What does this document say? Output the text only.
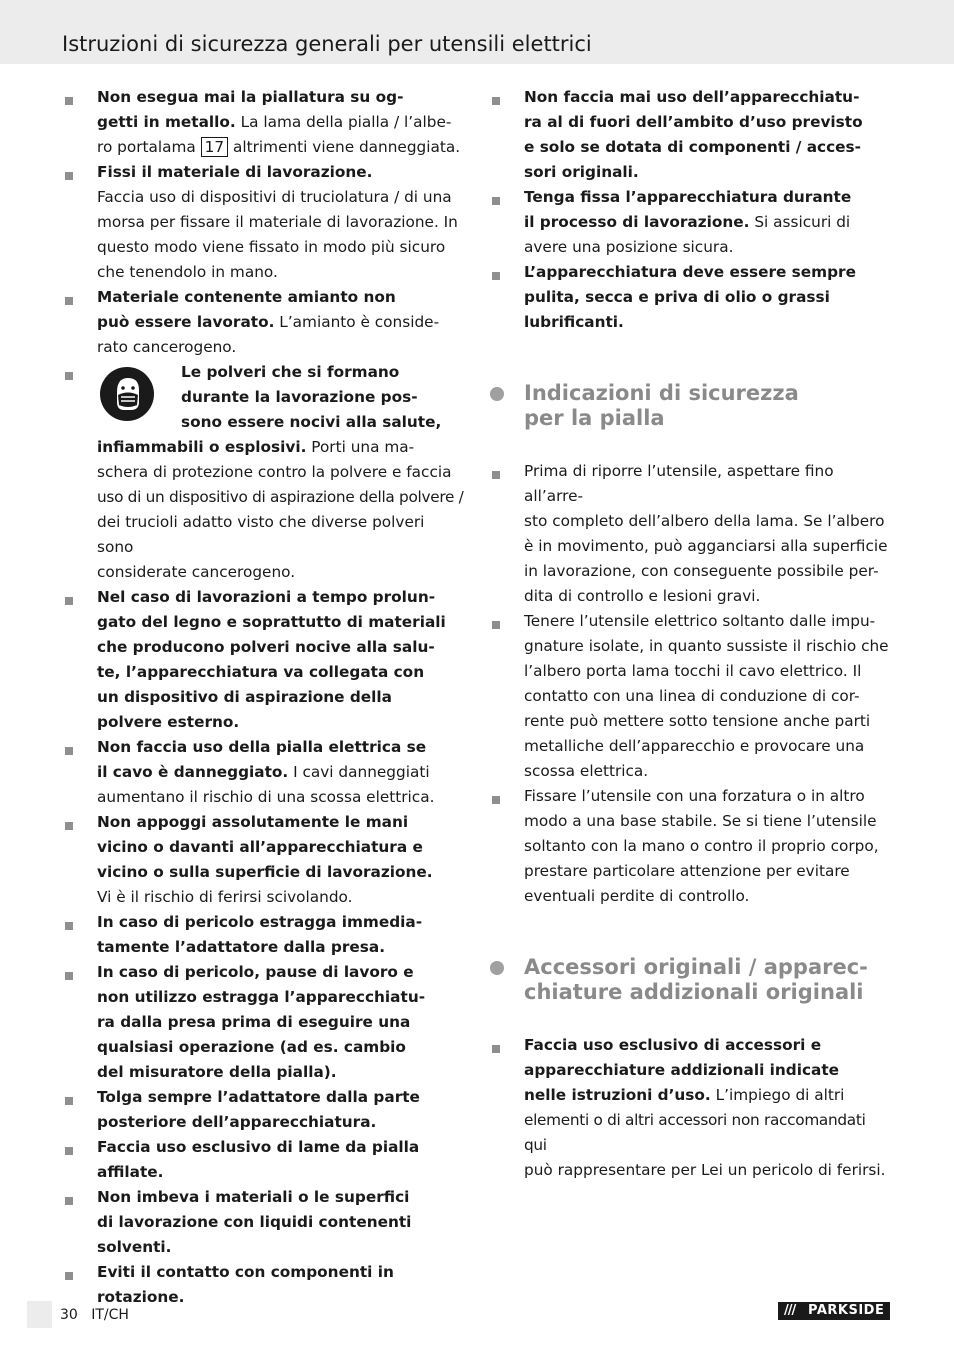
Istruzioni di sicurezza generali per utensili elettrici

Non esegua mai la piallatura su og-

getti in metallo. La lama della pialla / l’albe-

ro portalama 17 altrimenti viene danneggiata.

Fissi il materiale di lavorazione.

Faccia uso di dispositivi di truciolatura / di una

morsa per fissare il materiale di lavorazione. In

questo modo viene fissato in modo più sicuro

che tenendolo in mano.

Materiale contenente amianto non

può essere lavorato. L’amianto è conside-

rato cancerogeno.

Le polveri che si formano

durante la lavorazione pos-

sono essere nocivi alla salute,

infiammabili o esplosivi. Porti una ma-

schera di protezione contro la polvere e faccia

uso di un dispositivo di aspirazione della polvere /

dei trucioli adatto visto che diverse polveri sono

considerate cancerogeno.

Nel caso di lavorazioni a tempo prolun-

gato del legno e soprattutto di materiali

che producono polveri nocive alla salu-

te, l’apparecchiatura va collegata con

un dispositivo di aspirazione della

polvere esterno.

Non faccia uso della pialla elettrica se

il cavo è danneggiato. I cavi danneggiati

aumentano il rischio di una scossa elettrica.

Non appoggi assolutamente le mani

vicino o davanti all’apparecchiatura e

vicino o sulla superficie di lavorazione.

Vi è il rischio di ferirsi scivolando.

In caso di pericolo estragga immedia-

tamente l’adattatore dalla presa.

In caso di pericolo, pause di lavoro e

non utilizzo estragga l’apparecchiatu-

ra dalla presa prima di eseguire una

qualsiasi operazione (ad es. cambio

del misuratore della pialla).

Tolga sempre l’adattatore dalla parte

posteriore dell’apparecchiatura.

Faccia uso esclusivo di lame da pialla

affilate.

Non imbeva i materiali o le superfici

di lavorazione con liquidi contenenti

solventi.

Eviti il contatto con componenti in

rotazione.

Non faccia mai uso dell’apparecchiatu-

ra al di fuori dell’ambito d’uso previsto

e solo se dotata di componenti / acces-

sori originali.

Tenga fissa l’apparecchiatura durante

il processo di lavorazione. Si assicuri di

avere una posizione sicura.

L’apparecchiatura deve essere sempre

pulita, secca e priva di olio o grassi

lubrificanti.

Indicazioni di sicurezza
per la pialla

Prima di riporre l’utensile, aspettare fino all’arre-

sto completo dell’albero della lama. Se l’albero

è in movimento, può agganciarsi alla superficie

in lavorazione, con conseguente possibile per-

dita di controllo e lesioni gravi.

Tenere l’utensile elettrico soltanto dalle impu-

gnature isolate, in quanto sussiste il rischio che

l’albero porta lama tocchi il cavo elettrico. Il

contatto con una linea di conduzione di cor-

rente può mettere sotto tensione anche parti

metalliche dell’apparecchio e provocare una

scossa elettrica.

Fissare l’utensile con una forzatura o in altro

modo a una base stabile. Se si tiene l’utensile

soltanto con la mano o contro il proprio corpo,

prestare particolare attenzione per evitare

eventuali perdite di controllo.

Accessori originali / apparec-
chiature addizionali originali

Faccia uso esclusivo di accessori e

apparecchiature addizionali indicate

nelle istruzioni d’uso. L’impiego di altri

elementi o di altri accessori non raccomandati qui

può rappresentare per Lei un pericolo di ferirsi.

30 IT/CH	/// PARKSIDE
